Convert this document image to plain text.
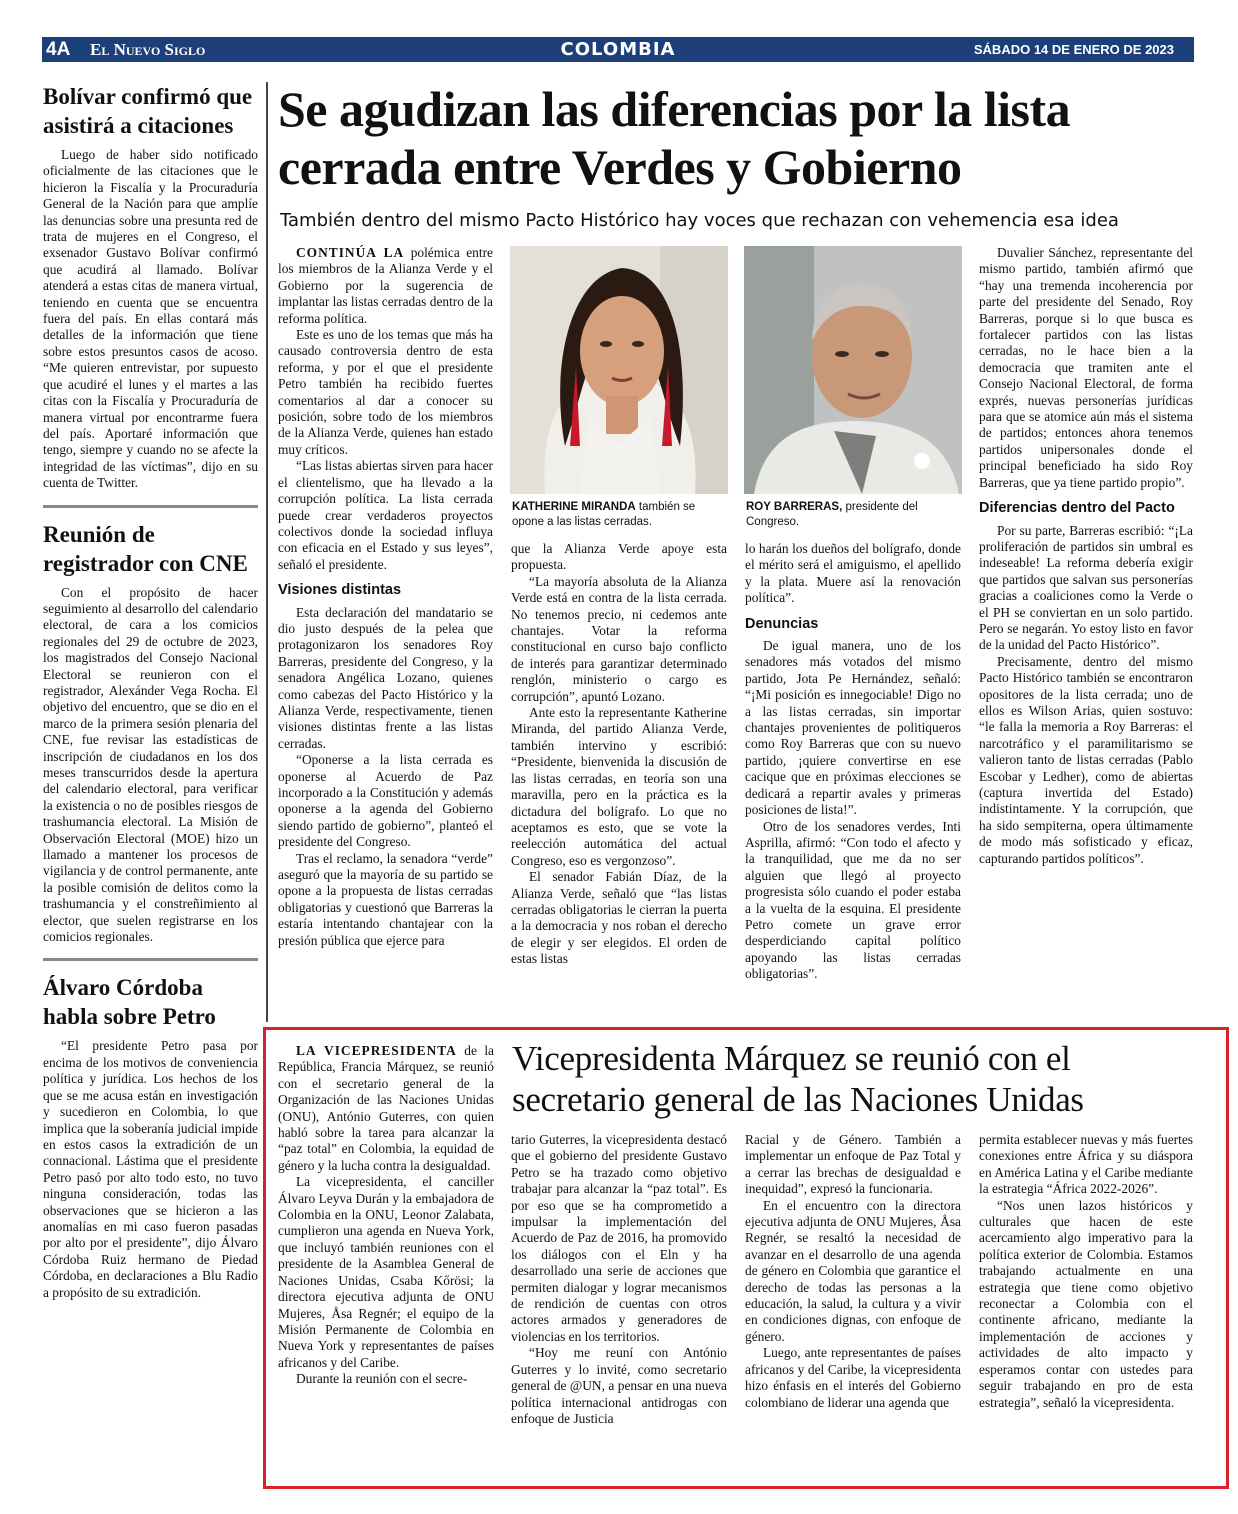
4A El Nuevo Siglo	COLOMBIA	SÁBADO 14 DE ENERO DE 2023
Bolívar confirmó que asistirá a citaciones

Luego de haber sido notificado oficialmente de las citaciones que le hicieron la Fiscalía y la Procuraduría General de la Nación para que amplíe las denuncias sobre una presunta red de trata de mujeres en el Congreso, el exsenador Gustavo Bolívar confirmó que acudirá al llamado. Bolívar atenderá a estas citas de manera virtual, teniendo en cuenta que se encuentra fuera del país. En ellas contará más detalles de la información que tiene sobre estos presuntos casos de acoso. “Me quieren entrevistar, por supuesto que acudiré el lunes y el martes a las citas con la Fiscalía y Procuraduría de manera virtual por encontrarme fuera del país. Aportaré información que tengo, siempre y cuando no se afecte la integridad de las víctimas”, dijo en su cuenta de Twitter.

Reunión de registrador con CNE

Con el propósito de hacer seguimiento al desarrollo del calendario electoral, de cara a los comicios regionales del 29 de octubre de 2023, los magistrados del Consejo Nacional Electoral se reunieron con el registrador, Alexánder Vega Rocha. El objetivo del encuentro, que se dio en el marco de la primera sesión plenaria del CNE, fue revisar las estadísticas de inscripción de ciudadanos en los dos meses transcurridos desde la apertura del calendario electoral, para verificar la existencia o no de posibles riesgos de trashumancia electoral. La Misión de Observación Electoral (MOE) hizo un llamado a mantener los procesos de vigilancia y de control permanente, ante la posible comisión de delitos como la trashumancia y el constreñimiento al elector, que suelen registrarse en los comicios regionales.

Álvaro Córdoba habla sobre Petro

“El presidente Petro pasa por encima de los motivos de conveniencia política y jurídica. Los hechos de los que se me acusa están en investigación y sucedieron en Colombia, lo que implica que la soberanía judicial impide en estos casos la extradición de un connacional. Lástima que el presidente Petro pasó por alto todo esto, no tuvo ninguna consideración, todas las observaciones que se hicieron a las anomalías en mi caso fueron pasadas por alto por el presidente”, dijo Álvaro Córdoba Ruiz hermano de Piedad Córdoba, en declaraciones a Blu Radio a propósito de su extradición.

Se agudizan las diferencias por la lista cerrada entre Verdes y Gobierno
También dentro del mismo Pacto Histórico hay voces que rechazan con vehemencia esa idea

CONTINÚA LA polémica entre los miembros de la Alianza Verde y el Gobierno por la sugerencia de implantar las listas cerradas dentro de la reforma política.

Este es uno de los temas que más ha causado controversia dentro de esta reforma, y por el que el presidente Petro también ha recibido fuertes comentarios al dar a conocer su posición, sobre todo de los miembros de la Alianza Verde, quienes han estado muy críticos.

“Las listas abiertas sirven para hacer el clientelismo, que ha llevado a la corrupción política. La lista cerrada puede crear verdaderos proyectos colectivos donde la sociedad influya con eficacia en el Estado y sus leyes”, señaló el presidente.

Visiones distintas

Esta declaración del mandatario se dio justo después de la pelea que protagonizaron los senadores Roy Barreras, presidente del Congreso, y la senadora Angélica Lozano, quienes como cabezas del Pacto Histórico y la Alianza Verde, respectivamente, tienen visiones distintas frente a las listas cerradas.

“Oponerse a la lista cerrada es oponerse al Acuerdo de Paz incorporado a la Constitución y además oponerse a la agenda del Gobierno siendo partido de gobierno”, planteó el presidente del Congreso.

Tras el reclamo, la senadora “verde” aseguró que la mayoría de su partido se opone a la propuesta de listas cerradas obligatorias y cuestionó que Barreras la estaría intentando chantajear con la presión pública que ejerce para

KATHERINE MIRANDA también se opone a las listas cerradas.
ROY BARRERAS, presidente del Congreso.

que la Alianza Verde apoye esta propuesta.

“La mayoría absoluta de la Alianza Verde está en contra de la lista cerrada. No tenemos precio, ni cedemos ante chantajes. Votar la reforma constitucional en curso bajo conflicto de interés para garantizar determinado renglón, ministerio o cargo es corrupción”, apuntó Lozano.

Ante esto la representante Katherine Miranda, del partido Alianza Verde, también intervino y escribió: “Presidente, bienvenida la discusión de las listas cerradas, en teoría son una maravilla, pero en la práctica es la dictadura del bolígrafo. Lo que no aceptamos es esto, que se vote la reelección automática del actual Congreso, eso es vergonzoso”.

El senador Fabián Díaz, de la Alianza Verde, señaló que “las listas cerradas obligatorias le cierran la puerta a la democracia y nos roban el derecho de elegir y ser elegidos. El orden de estas listas

lo harán los dueños del bolígrafo, donde el mérito será el amiguismo, el apellido y la plata. Muere así la renovación política”.

Denuncias

De igual manera, uno de los senadores más votados del mismo partido, Jota Pe Hernández, señaló: “¡Mi posición es innegociable! Digo no a las listas cerradas, sin importar chantajes provenientes de politiqueros como Roy Barreras que con su nuevo partido, ¡quiere convertirse en ese cacique que en próximas elecciones se dedicará a repartir avales y primeras posiciones de lista!”.

Otro de los senadores verdes, Inti Asprilla, afirmó: “Con todo el afecto y la tranquilidad, que me da no ser alguien que llegó al proyecto progresista sólo cuando el poder estaba a la vuelta de la esquina. El presidente Petro comete un grave error desperdiciando capital político apoyando las listas cerradas obligatorias”.

Duvalier Sánchez, representante del mismo partido, también afirmó que “hay una tremenda incoherencia por parte del presidente del Senado, Roy Barreras, porque si lo que busca es fortalecer partidos con las listas cerradas, no le hace bien a la democracia que tramiten ante el Consejo Nacional Electoral, de forma exprés, nuevas personerías jurídicas para que se atomice aún más el sistema de partidos; entonces ahora tenemos partidos unipersonales donde el principal beneficiado ha sido Roy Barreras, que ya tiene partido propio”.

Diferencias dentro del Pacto

Por su parte, Barreras escribió: “¡La proliferación de partidos sin umbral es indeseable! La reforma debería exigir que partidos que salvan sus personerías gracias a coaliciones como la Verde o el PH se conviertan en un solo partido. Pero se negarán. Yo estoy listo en favor de la unidad del Pacto Histórico”.

Precisamente, dentro del mismo Pacto Histórico también se encontraron opositores de la lista cerrada; uno de ellos es Wilson Arias, quien sostuvo: “le falla la memoria a Roy Barreras: el narcotráfico y el paramilitarismo se valieron tanto de listas cerradas (Pablo Escobar y Ledher), como de abiertas (captura invertida del Estado) indistintamente. Y la corrupción, que ha sido sempiterna, opera últimamente de modo más sofisticado y eficaz, capturando partidos políticos”.

Vicepresidenta Márquez se reunió con el secretario general de las Naciones Unidas

LA VICEPRESIDENTA de la República, Francia Márquez, se reunió con el secretario general de la Organización de las Naciones Unidas (ONU), António Guterres, con quien habló sobre la tarea para alcanzar la “paz total” en Colombia, la equidad de género y la lucha contra la desigualdad.

La vicepresidenta, el canciller Álvaro Leyva Durán y la embajadora de Colombia en la ONU, Leonor Zalabata, cumplieron una agenda en Nueva York, que incluyó también reuniones con el presidente de la Asamblea General de Naciones Unidas, Csaba Kőrösi; la directora ejecutiva adjunta de ONU Mujeres, Åsa Regnér; el equipo de la Misión Permanente de Colombia en Nueva York y representantes de países africanos y del Caribe.

Durante la reunión con el secre-

tario Guterres, la vicepresidenta destacó que el gobierno del presidente Gustavo Petro se ha trazado como objetivo trabajar para alcanzar la “paz total”. Es por eso que se ha comprometido a impulsar la implementación del Acuerdo de Paz de 2016, ha promovido los diálogos con el Eln y ha desarrollado una serie de acciones que permiten dialogar y lograr mecanismos de rendición de cuentas con otros actores armados y generadores de violencias en los territorios.

“Hoy me reuní con António Guterres y lo invité, como secretario general de @UN, a pensar en una nueva política internacional antidrogas con enfoque de Justicia

Racial y de Género. También a implementar un enfoque de Paz Total y a cerrar las brechas de desigualdad e inequidad”, expresó la funcionaria.

En el encuentro con la directora ejecutiva adjunta de ONU Mujeres, Åsa Regnér, se resaltó la necesidad de avanzar en el desarrollo de una agenda de género en Colombia que garantice el derecho de todas las personas a la educación, la salud, la cultura y a vivir en condiciones dignas, con enfoque de género.

Luego, ante representantes de países africanos y del Caribe, la vicepresidenta hizo énfasis en el interés del Gobierno colombiano de liderar una agenda que

permita establecer nuevas y más fuertes conexiones entre África y su diáspora en América Latina y el Caribe mediante la estrategia “África 2022-2026”.

“Nos unen lazos históricos y culturales que hacen de este acercamiento algo imperativo para la política exterior de Colombia. Estamos trabajando actualmente en una estrategia que tiene como objetivo reconectar a Colombia con el continente africano, mediante la implementación de acciones y actividades de alto impacto y esperamos contar con ustedes para seguir trabajando en pro de esta estrategia”, señaló la vicepresidenta.
